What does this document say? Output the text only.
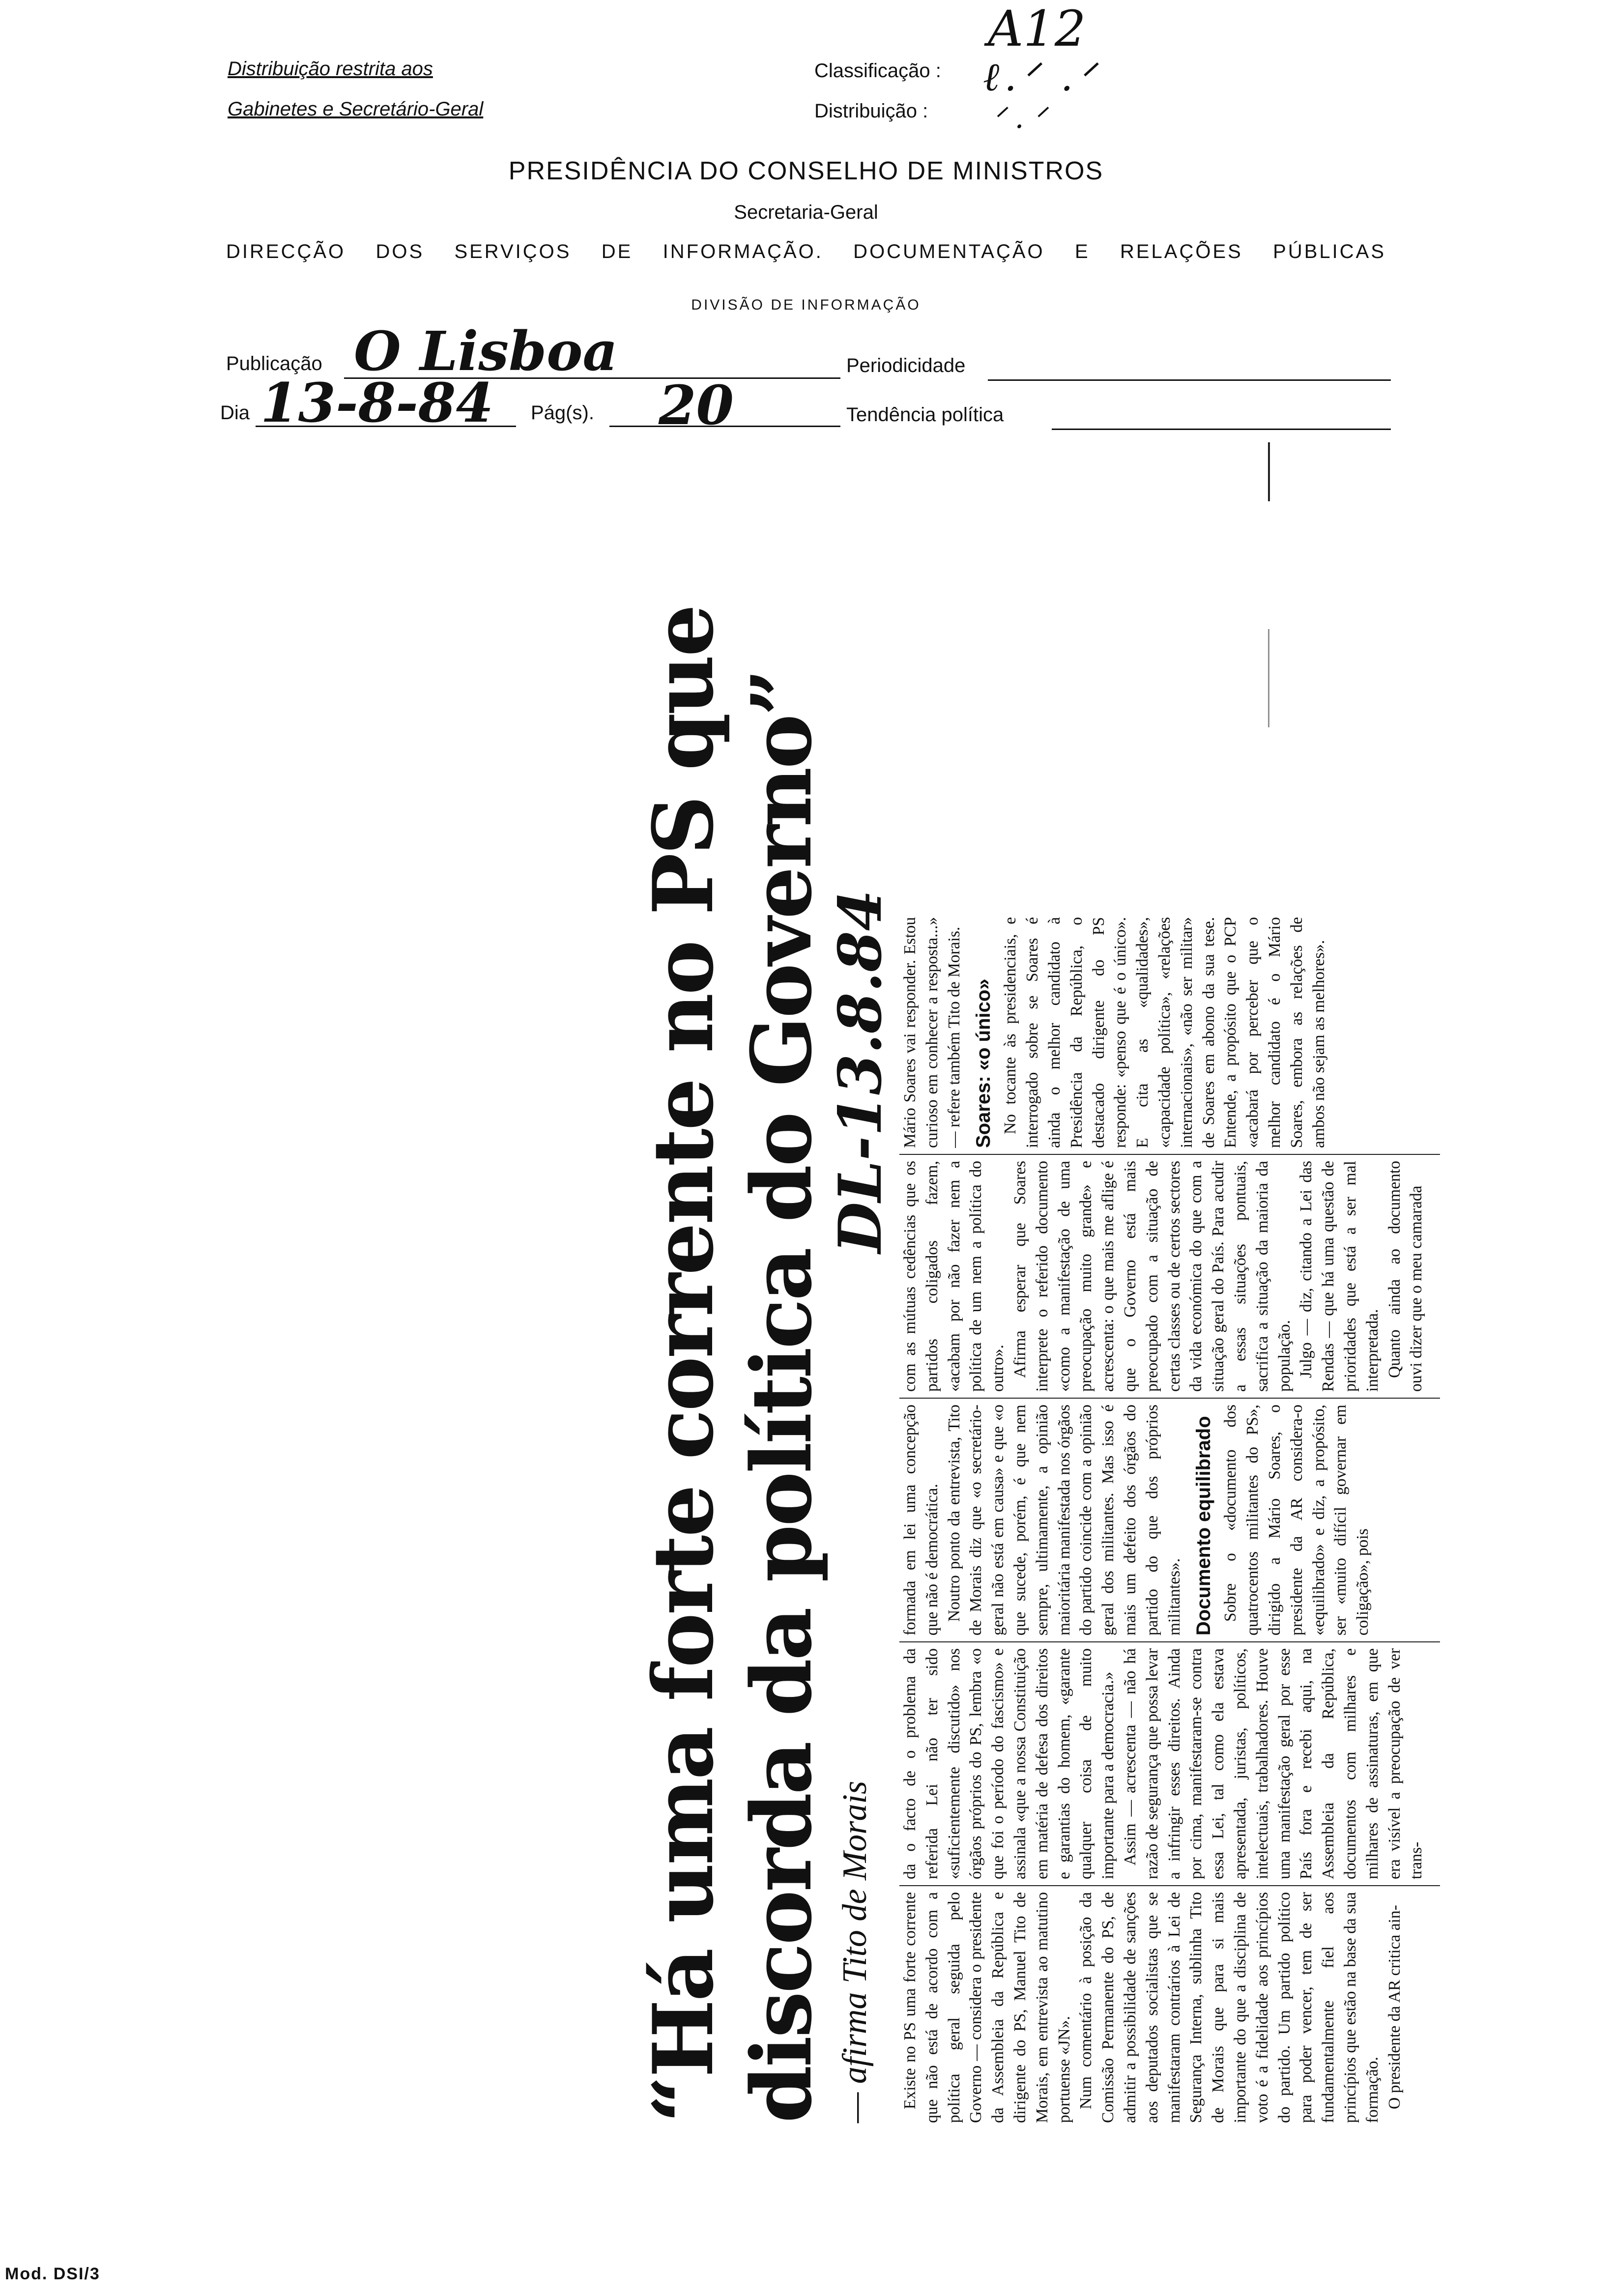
Distribuição restrita aos
Gabinetes e Secretário-Geral
Classificação :
Distribuição :
A12
ℓ.ᐟ .ᐟ
ᐟ . ᐟ
PRESIDÊNCIA DO CONSELHO DE MINISTROS
Secretaria-Geral
DIRECÇÃO DOS SERVIÇOS DE INFORMAÇÃO. DOCUMENTAÇÃO E RELAÇÕES PÚBLICAS
DIVISÃO DE INFORMAÇÃO
Publicação O Lisboa	Periodicidade
Dia 13-8-84 Pág(s). 20	Tendência política
“Há uma forte corrente no PS que discorda da política do Governo” — afirma Tito de Morais
DL-13.8.84

Existe no PS uma forte corrente que não está de acordo com a política geral seguida pelo Governo — considera o presidente da Assembleia da República e dirigente do PS, Manuel Tito de Morais, em entrevista ao matutino portuense «JN». Num comentário à posição da Comissão Permanente do PS, de admitir a possibilidade de sanções aos deputados socialistas que se manifestaram contrários à Lei de Segurança Interna, sublinha Tito de Morais que para si mais importante do que a disciplina de voto é a fidelidade aos princípios do partido. Um partido político para poder vencer, tem de ser fundamentalmente fiel aos princípios que estão na base da sua formação. O presidente da AR critica ain-

da o facto de o problema da referida Lei não ter sido «suficientemente discutido» nos órgãos próprios do PS, lembra «o que foi o período do fascismo» e assinala «que a nossa Constituição em matéria de defesa dos direitos e garantias do homem, «garante qualquer coisa de muito importante para a democracia.» Assim — acrescenta — não há razão de segurança que possa levar a infringir esses direitos. Ainda por cima, manifestaram-se contra essa Lei, tal como ela estava apresentada, juristas, políticos, intelectuais, trabalhadores. Houve uma manifestação geral por esse País fora e recebi aqui, na Assembleia da República, documentos com milhares e milhares de assinaturas, em que era visível a preocupação de ver trans-

formada em lei uma concepção que não é democrática. Noutro ponto da entrevista, Tito de Morais diz que «o secretário-geral não está em causa» e que «o que sucede, porém, é que nem sempre, ultimamente, a opinião maioritária manifestada nos órgãos do partido coincide com a opinião geral dos militantes. Mas isso é mais um defeito dos órgãos do partido do que dos próprios militantes». Documento equilibrado Sobre o «documento dos quatrocentos militantes do PS», dirigido a Mário Soares, o presidente da AR considera-o «equilibrado» e diz, a propósito, ser «muito difícil governar em coligação», pois

com as mútuas cedências que os partidos coligados fazem, «acabam por não fazer nem a política de um nem a política do outro». Afirma esperar que Soares interprete o referido documento «como a manifestação de uma preocupação muito grande» e acrescenta: o que mais me aflige é que o Governo está mais preocupado com a situação de certas classes ou de certos sectores da vida económica do que com a situação geral do País. Para acudir a essas situações pontuais, sacrifica a situação da maioria da população. Julgo — diz, citando a Lei das Rendas — que há uma questão de prioridades que está a ser mal interpretada. Quanto ainda ao documento ouvi dizer que o meu camarada

Mário Soares vai responder. Estou curioso em conhecer a resposta...» — refere também Tito de Morais. Soares: «o único» No tocante às presidenciais, e interrogado sobre se Soares é ainda o melhor candidato à Presidência da República, o destacado dirigente do PS responde: «penso que é o único». E cita as «qualidades», «capacidade política», «relações internacionais», «não ser militar» de Soares em abono da sua tese. Entende, a propósito que o PCP «acabará por perceber que o melhor candidato é o Mário Soares, embora as relações de ambos não sejam as melhores».

Mod. DSI/3
